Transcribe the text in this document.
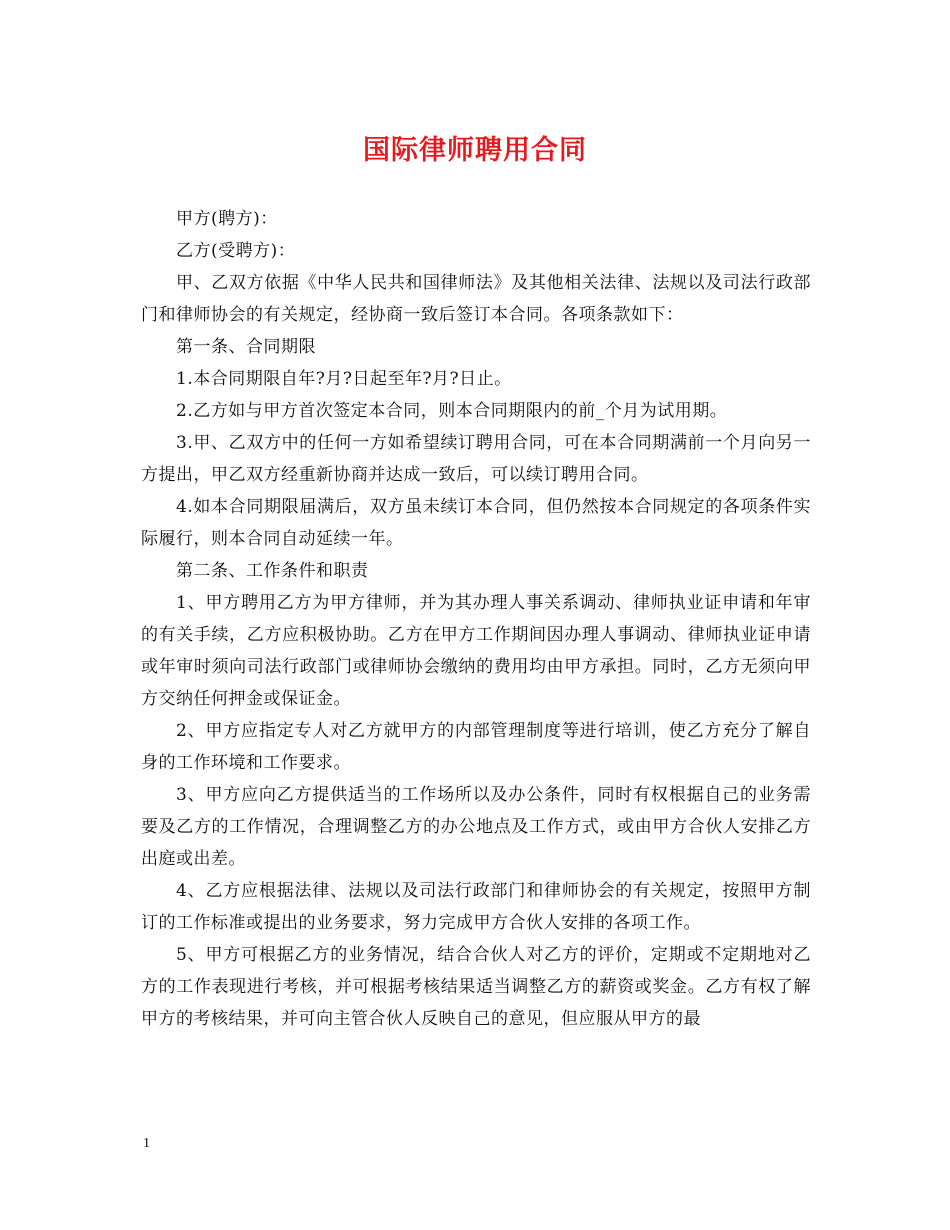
国际律师聘用合同

甲方(聘方)：

乙方(受聘方)：

甲、乙双方依据《中华人民共和国律师法》及其他相关法律、法规以及司法行政部门和律师协会的有关规定，经协商一致后签订本合同。各项条款如下：

第一条、合同期限

1.本合同期限自年?月?日起至年?月?日止。

2.乙方如与甲方首次签定本合同，则本合同期限内的前_个月为试用期。

3.甲、乙双方中的任何一方如希望续订聘用合同，可在本合同期满前一个月向另一方提出，甲乙双方经重新协商并达成一致后，可以续订聘用合同。

4.如本合同期限届满后，双方虽未续订本合同，但仍然按本合同规定的各项条件实际履行，则本合同自动延续一年。

第二条、工作条件和职责

1、甲方聘用乙方为甲方律师，并为其办理人事关系调动、律师执业证申请和年审的有关手续，乙方应积极协助。乙方在甲方工作期间因办理人事调动、律师执业证申请或年审时须向司法行政部门或律师协会缴纳的费用均由甲方承担。同时，乙方无须向甲方交纳任何押金或保证金。

2、甲方应指定专人对乙方就甲方的内部管理制度等进行培训，使乙方充分了解自身的工作环境和工作要求。

3、甲方应向乙方提供适当的工作场所以及办公条件，同时有权根据自己的业务需要及乙方的工作情况，合理调整乙方的办公地点及工作方式，或由甲方合伙人安排乙方出庭或出差。

4、乙方应根据法律、法规以及司法行政部门和律师协会的有关规定，按照甲方制订的工作标准或提出的业务要求，努力完成甲方合伙人安排的各项工作。

5、甲方可根据乙方的业务情况，结合合伙人对乙方的评价，定期或不定期地对乙方的工作表现进行考核，并可根据考核结果适当调整乙方的薪资或奖金。乙方有权了解甲方的考核结果，并可向主管合伙人反映自己的意见，但应服从甲方的最

1
